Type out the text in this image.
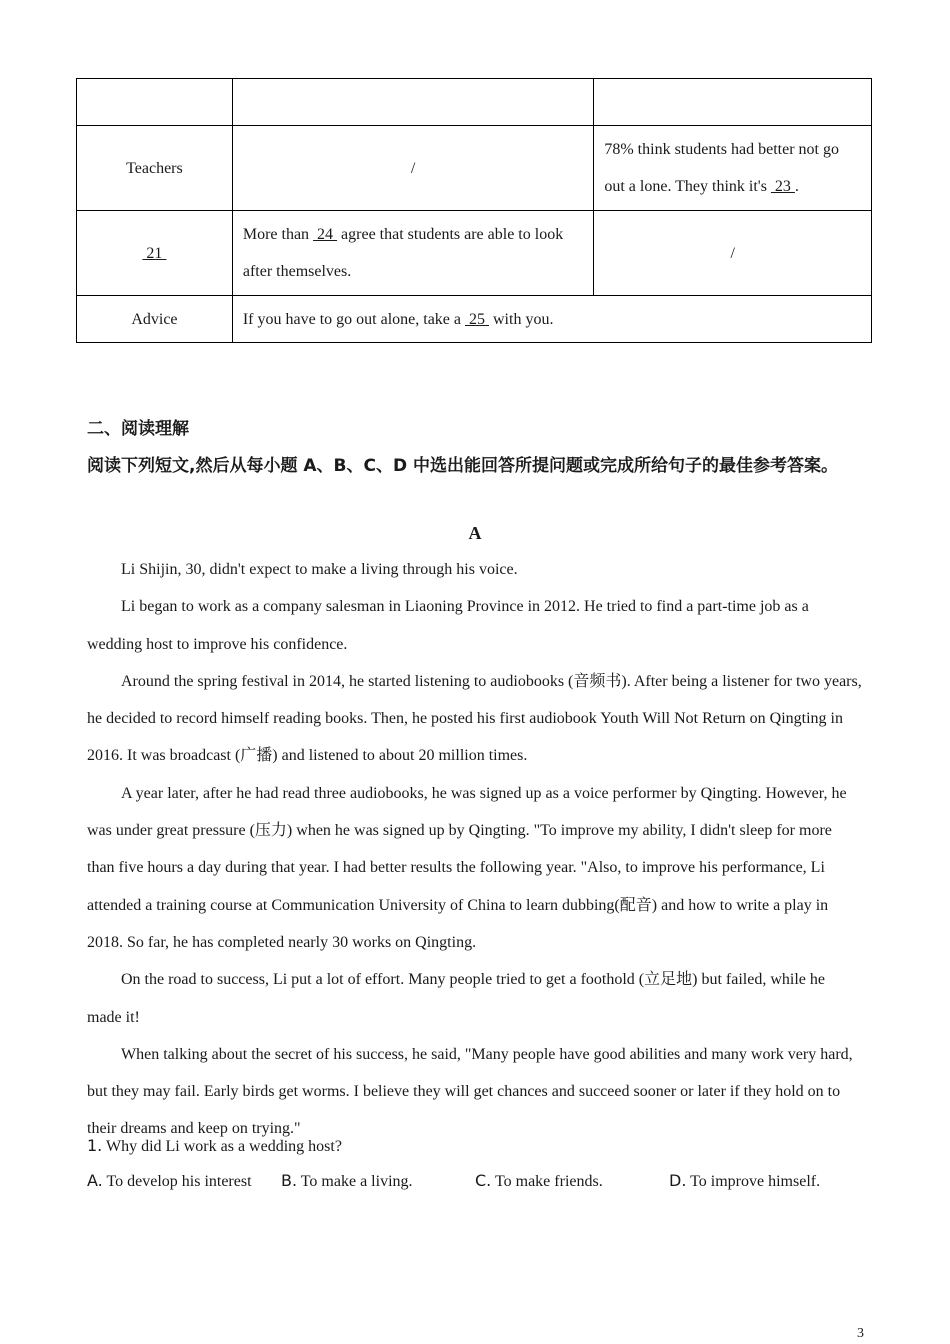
Teachers	/	78% think students had better not go out a lone. They think it's  23 .
21	More than  24  agree that students are able to look after themselves.	/
Advice	If you have to go out alone, take a  25  with you.	
二、阅读理解
阅读下列短文,然后从每小题 A、B、C、D 中选出能回答所提问题或完成所给句子的最佳参考答案。
A

Li Shijin, 30, didn't expect to make a living through his voice.

Li began to work as a company salesman in Liaoning Province in 2012. He tried to find a part-time job as a wedding host to improve his confidence.

Around the spring festival in 2014, he started listening to audiobooks (音频书). After being a listener for two years, he decided to record himself reading books. Then, he posted his first audiobook Youth Will Not Return on Qingting in 2016. It was broadcast (广播) and listened to about 20 million times.

A year later, after he had read three audiobooks, he was signed up as a voice performer by Qingting. However, he was under great pressure (压力) when he was signed up by Qingting. "To improve my ability, I didn't sleep for more than five hours a day during that year. I had better results the following year. "Also, to improve his performance, Li attended a training course at Communication University of China to learn dubbing(配音) and how to write a play in 2018. So far, he has completed nearly 30 works on Qingting.

On the road to success, Li put a lot of effort. Many people tried to get a foothold (立足地) but failed, while he made it!

When talking about the secret of his success, he said, "Many people have good abilities and many work very hard, but they may fail. Early birds get worms. I believe they will get chances and succeed sooner or later if they hold on to their dreams and keep on trying."

1. Why did Li work as a wedding host?
A. To develop his interest B. To make a living.	C. To make friends.	D. To improve himself.
3
